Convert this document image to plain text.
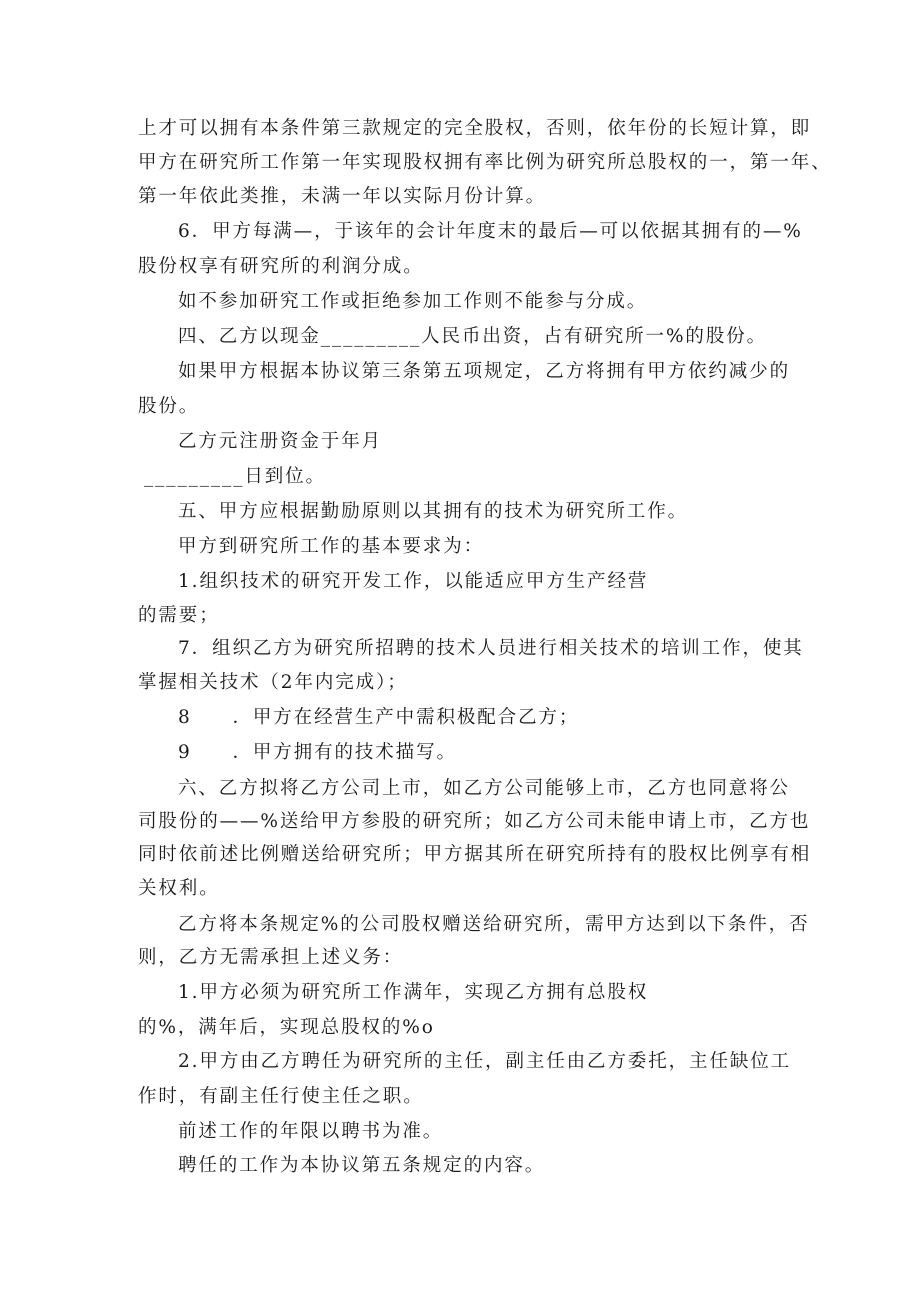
上才可以拥有本条件第三款规定的完全股权，否则，依年份的长短计算，即
甲方在研究所工作第一年实现股权拥有率比例为研究所总股权的一，第一年、
第一年依此类推，未满一年以实际月份计算。
6．甲方每满—，于该年的会计年度末的最后—可以依据其拥有的—%
股份权享有研究所的利润分成。
如不参加研究工作或拒绝参加工作则不能参与分成。
四、乙方以现金_________人民币出资，占有研究所一%的股份。
如果甲方根据本协议第三条第五项规定，乙方将拥有甲方依约减少的
股份。
乙方元注册资金于年月
_________日到位。
五、甲方应根据勤励原则以其拥有的技术为研究所工作。
甲方到研究所工作的基本要求为：
1.组织技术的研究开发工作，以能适应甲方生产经营
的需要；
7．组织乙方为研究所招聘的技术人员进行相关技术的培训工作，使其
掌握相关技术（2年内完成）；
8　　．甲方在经营生产中需积极配合乙方；
9　　．甲方拥有的技术描写。
六、乙方拟将乙方公司上市，如乙方公司能够上市，乙方也同意将公
司股份的——%送给甲方参股的研究所；如乙方公司未能申请上市，乙方也
同时依前述比例赠送给研究所；甲方据其所在研究所持有的股权比例享有相
关权利。
乙方将本条规定%的公司股权赠送给研究所，需甲方达到以下条件，否
则，乙方无需承担上述义务：
1.甲方必须为研究所工作满年，实现乙方拥有总股权
的%，满年后，实现总股权的%o
2.甲方由乙方聘任为研究所的主任，副主任由乙方委托，主任缺位工
作时，有副主任行使主任之职。
前述工作的年限以聘书为准。
聘任的工作为本协议第五条规定的内容。
